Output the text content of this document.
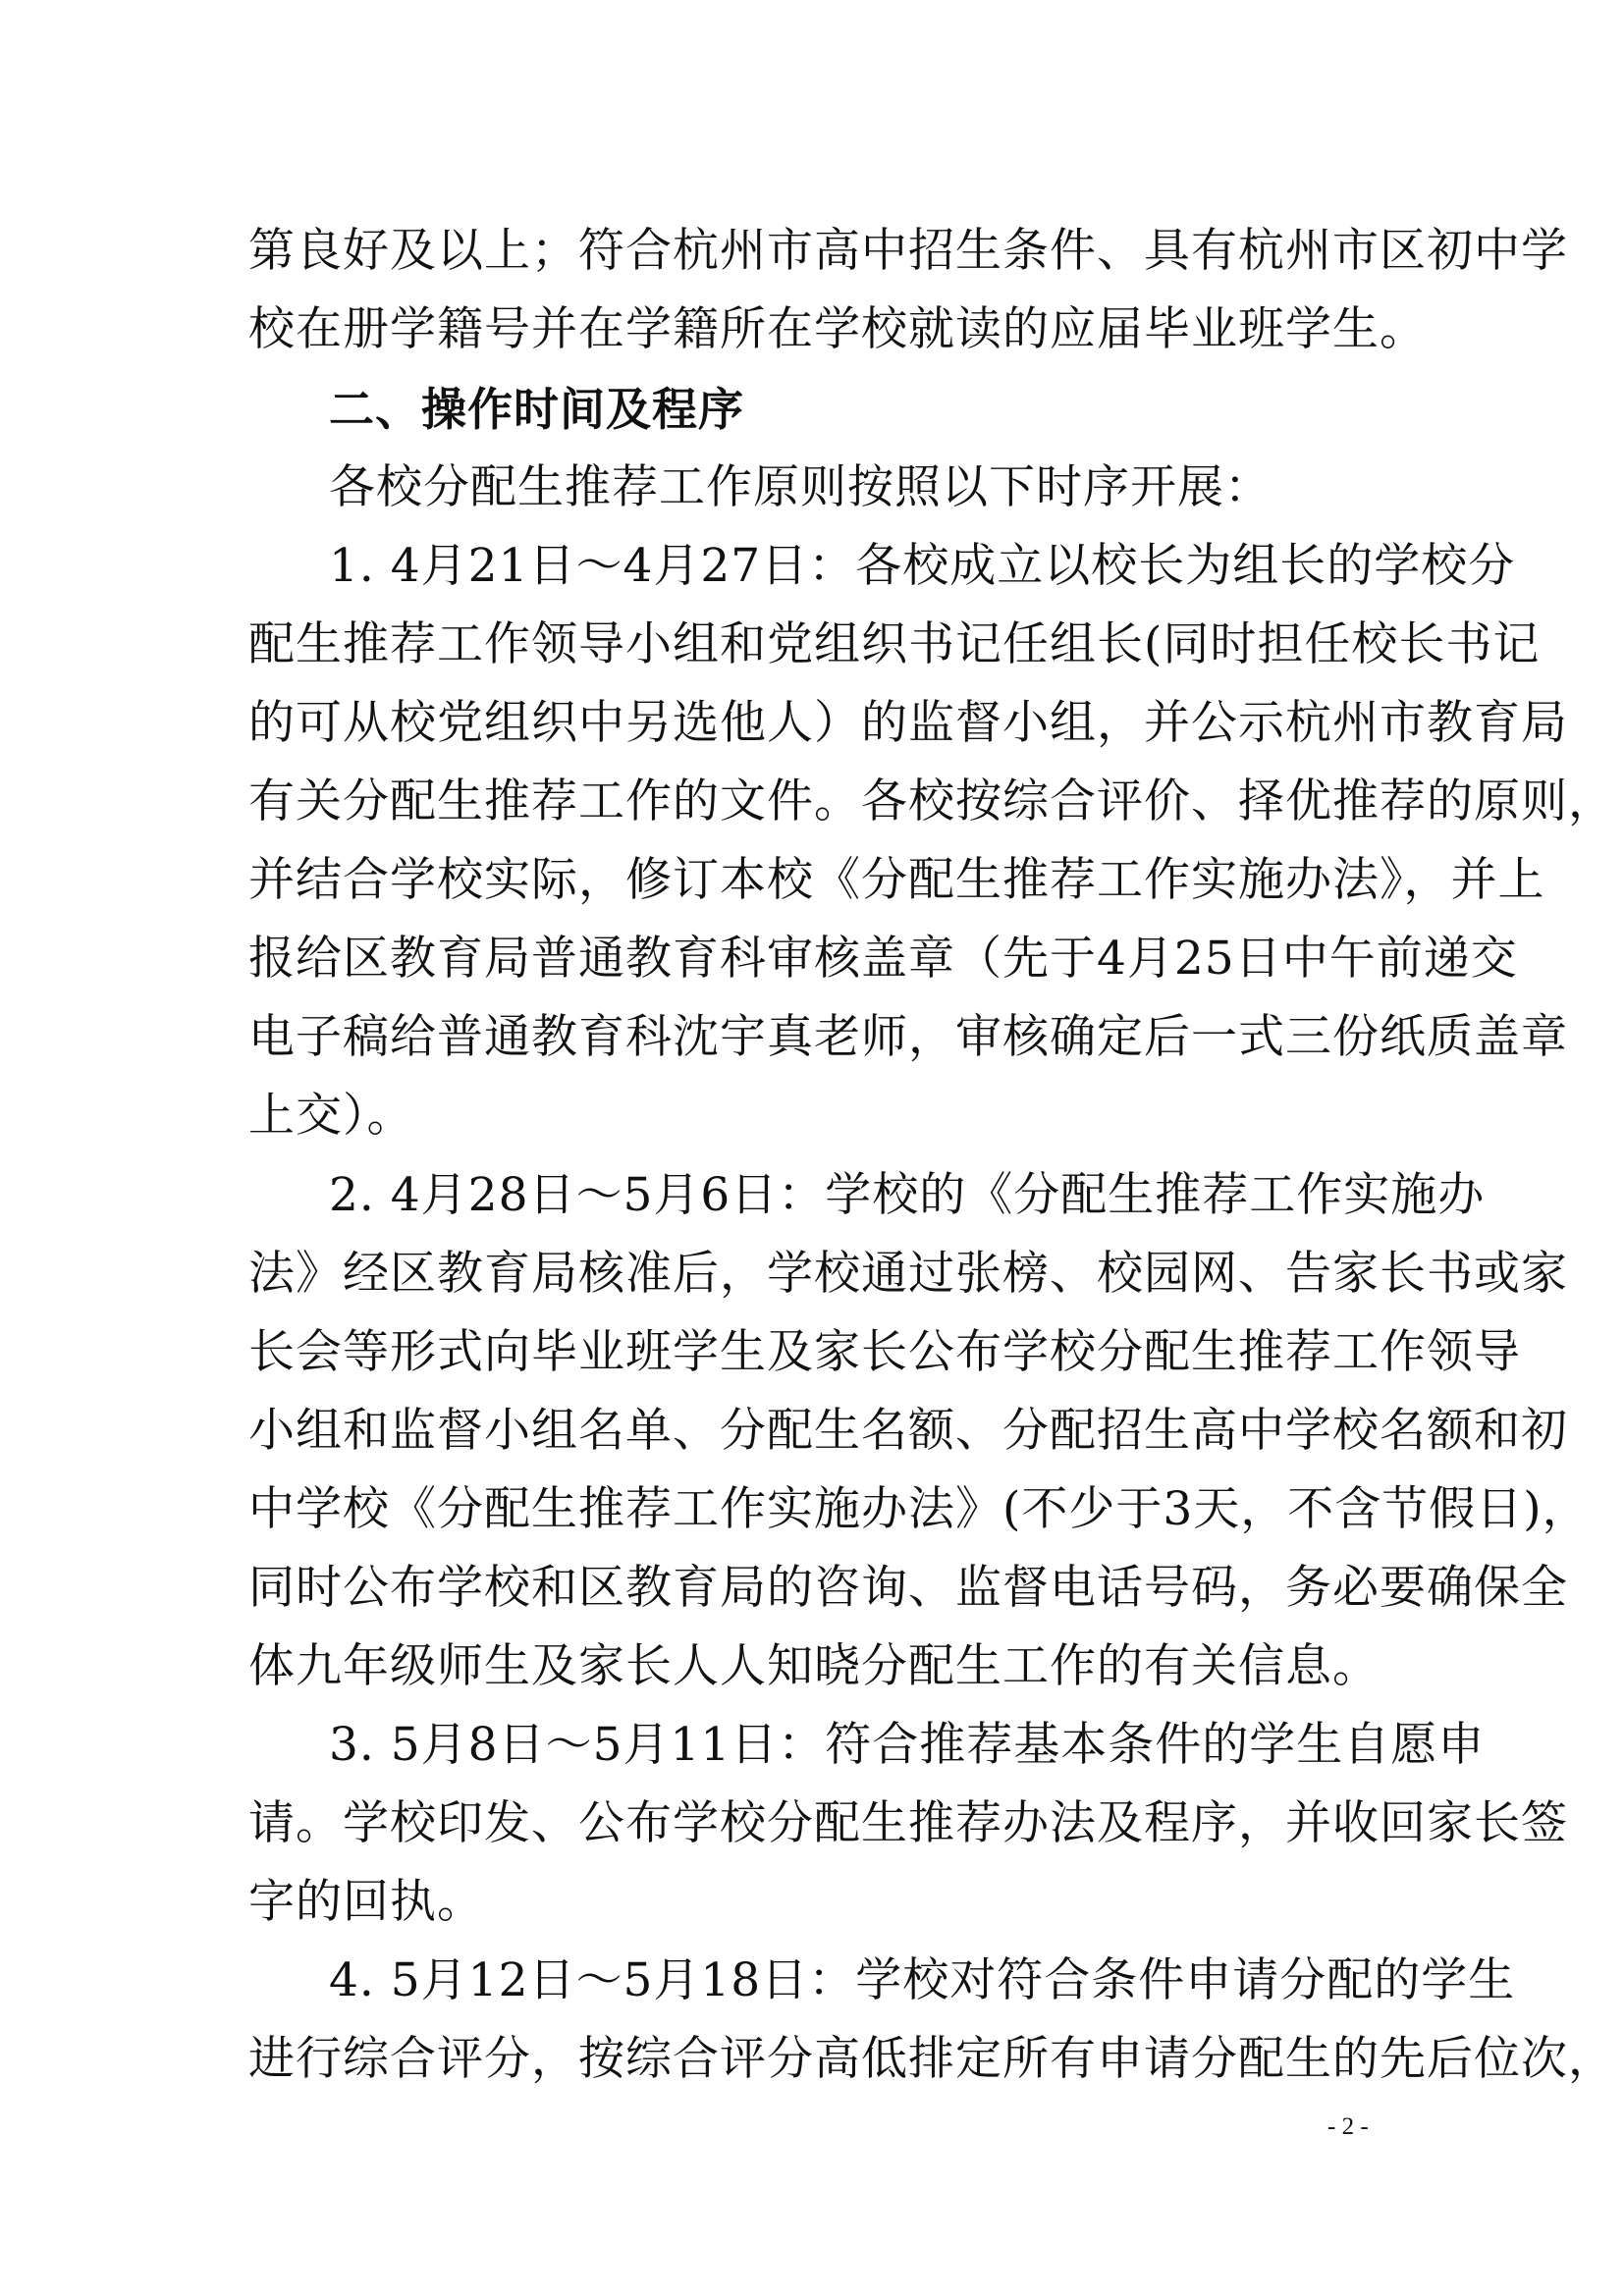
第良好及以上；符合杭州市高中招生条件、具有杭州市区初中学
校在册学籍号并在学籍所在学校就读的应届毕业班学生。
二、操作时间及程序
各校分配生推荐工作原则按照以下时序开展：
1. 4月21日～4月27日：各校成立以校长为组长的学校分
配生推荐工作领导小组和党组织书记任组长(同时担任校长书记
的可从校党组织中另选他人）的监督小组，并公示杭州市教育局
有关分配生推荐工作的文件。各校按综合评价、择优推荐的原则，
并结合学校实际，修订本校《分配生推荐工作实施办法》，并上
报给区教育局普通教育科审核盖章（先于4月25日中午前递交
电子稿给普通教育科沈宇真老师，审核确定后一式三份纸质盖章
上交）。
2. 4月28日～5月6日：学校的《分配生推荐工作实施办
法》经区教育局核准后，学校通过张榜、校园网、告家长书或家
长会等形式向毕业班学生及家长公布学校分配生推荐工作领导
小组和监督小组名单、分配生名额、分配招生高中学校名额和初
中学校《分配生推荐工作实施办法》(不少于3天，不含节假日)，
同时公布学校和区教育局的咨询、监督电话号码，务必要确保全
体九年级师生及家长人人知晓分配生工作的有关信息。
3. 5月8日～5月11日：符合推荐基本条件的学生自愿申
请。学校印发、公布学校分配生推荐办法及程序，并收回家长签
字的回执。
4. 5月12日～5月18日：学校对符合条件申请分配的学生
进行综合评分，按综合评分高低排定所有申请分配生的先后位次，
- 2 -
